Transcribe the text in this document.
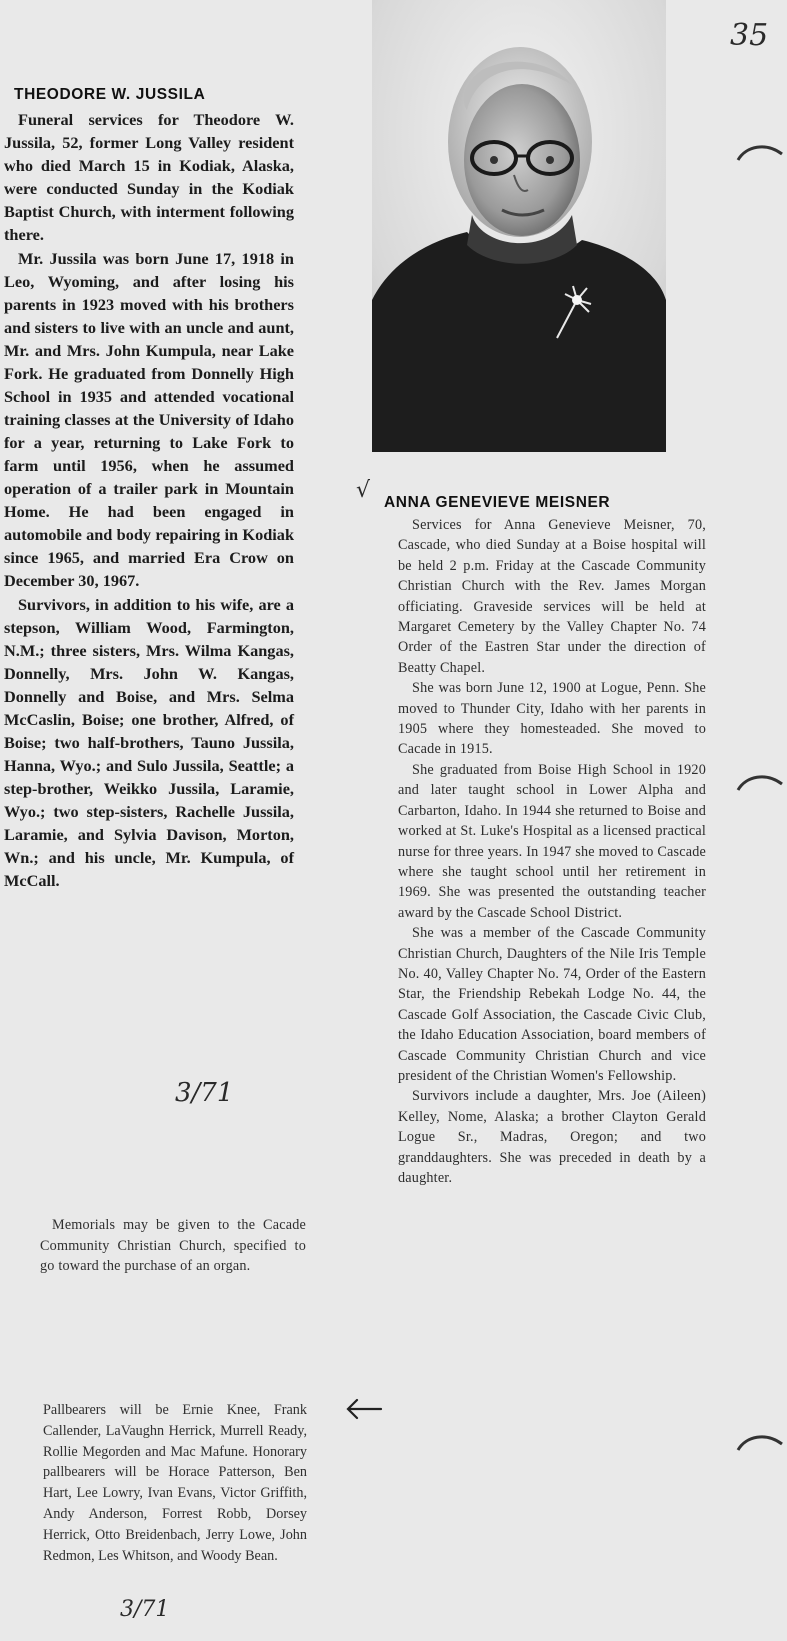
35
THEODORE W. JUSSILA

Funeral services for Theodore W. Jussila, 52, former Long Valley resident who died March 15 in Kodiak, Alaska, were conducted Sunday in the Kodiak Baptist Church, with interment following there.

Mr. Jussila was born June 17, 1918 in Leo, Wyoming, and after losing his parents in 1923 moved with his brothers and sisters to live with an uncle and aunt, Mr. and Mrs. John Kumpula, near Lake Fork. He graduated from Donnelly High School in 1935 and attended vocational training classes at the University of Idaho for a year, returning to Lake Fork to farm until 1956, when he assumed operation of a trailer park in Mountain Home. He had been engaged in automobile and body repairing in Kodiak since 1965, and married Era Crow on December 30, 1967.

Survivors, in addition to his wife, are a stepson, William Wood, Farmington, N.M.; three sisters, Mrs. Wilma Kangas, Donnelly, Mrs. John W. Kangas, Donnelly and Boise, and Mrs. Selma McCaslin, Boise; one brother, Alfred, of Boise; two half-brothers, Tauno Jussila, Hanna, Wyo.; and Sulo Jussila, Seattle; a step-brother, Weikko Jussila, Laramie, Wyo.; two step-sisters, Rachelle Jussila, Laramie, and Sylvia Davison, Morton, Wn.; and his uncle, Mr. Kumpula, of McCall.

3/71

Memorials may be given to the Cacade Community Christian Church, specified to go toward the purchase of an organ.

Pallbearers will be Ernie Knee, Frank Callender, LaVaughn Herrick, Murrell Ready, Rollie Megorden and Mac Mafune. Honorary pallbearers will be Horace Patterson, Ben Hart, Lee Lowry, Ivan Evans, Victor Griffith, Andy Anderson, Forrest Robb, Dorsey Herrick, Otto Breidenbach, Jerry Lowe, John Redmon, Les Whitson, and Woody Bean.

3/71
√ ANNA GENEVIEVE MEISNER

Services for Anna Genevieve Meisner, 70, Cascade, who died Sunday at a Boise hospital will be held 2 p.m. Friday at the Cascade Community Christian Church with the Rev. James Morgan officiating. Graveside services will be held at Margaret Cemetery by the Valley Chapter No. 74 Order of the Eastren Star under the direction of Beatty Chapel.

She was born June 12, 1900 at Logue, Penn. She moved to Thunder City, Idaho with her parents in 1905 where they homesteaded. She moved to Cacade in 1915.

She graduated from Boise High School in 1920 and later taught school in Lower Alpha and Carbarton, Idaho. In 1944 she returned to Boise and worked at St. Luke's Hospital as a licensed practical nurse for three years. In 1947 she moved to Cascade where she taught school until her retirement in 1969. She was presented the outstanding teacher award by the Cascade School District.

She was a member of the Cascade Community Christian Church, Daughters of the Nile Iris Temple No. 40, Valley Chapter No. 74, Order of the Eastern Star, the Friendship Rebekah Lodge No. 44, the Cascade Golf Association, the Cascade Civic Club, the Idaho Education Association, board members of Cascade Community Christian Church and vice president of the Christian Women's Fellowship.

Survivors include a daughter, Mrs. Joe (Aileen) Kelley, Nome, Alaska; a brother Clayton Gerald Logue Sr., Madras, Oregon; and two granddaughters. She was preceded in death by a daughter.
